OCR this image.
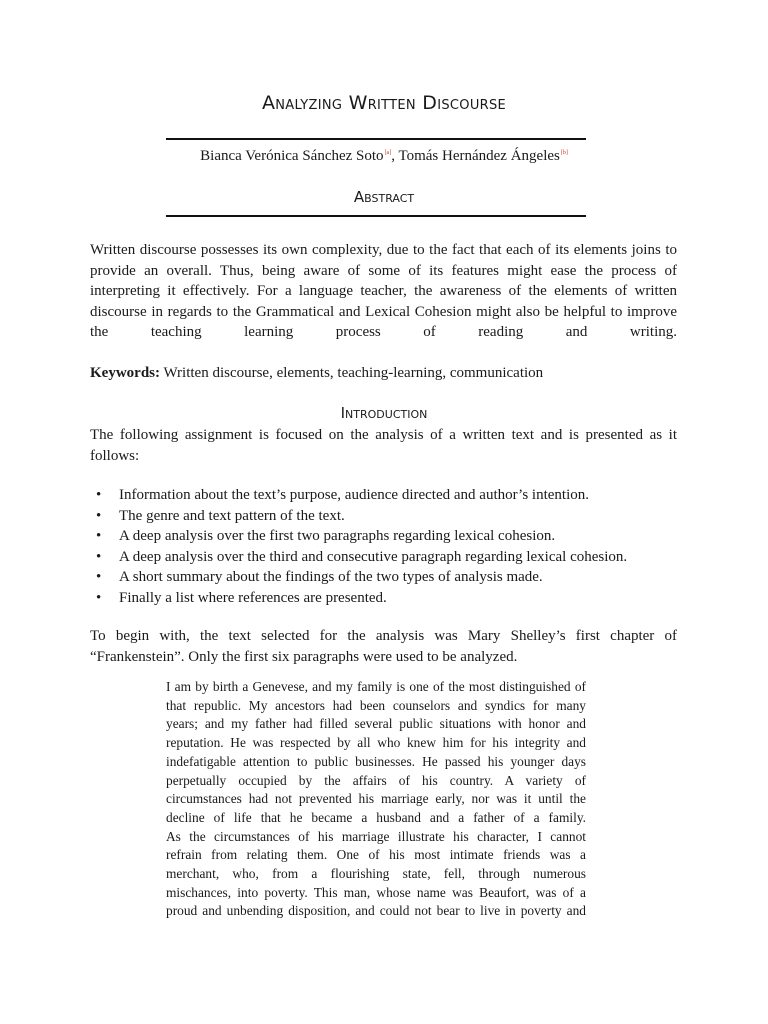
Analyzing Written Discourse
Bianca Verónica Sánchez Soto[a], Tomás Hernández Ángeles[b]
Abstract

Written discourse possesses its own complexity, due to the fact that each of its elements joins to provide an overall. Thus, being aware of some of its features might ease the process of interpreting it effectively. For a language teacher, the awareness of the elements of written discourse in regards to the Grammatical and Lexical Cohesion might also be helpful to improve the teaching learning process of reading and writing.

Keywords: Written discourse, elements, teaching-learning, communication

Introduction

The following assignment is focused on the analysis of a written text and is presented as it follows:

• Information about the text’s purpose, audience directed and author’s intention.
• The genre and text pattern of the text.
• A deep analysis over the first two paragraphs regarding lexical cohesion.
• A deep analysis over the third and consecutive paragraph regarding lexical cohesion.
• A short summary about the findings of the two types of analysis made.
• Finally a list where references are presented.

To begin with, the text selected for the analysis was Mary Shelley’s first chapter of “Frankenstein”. Only the first six paragraphs were used to be analyzed.

I am by birth a Genevese, and my family is one of the most distinguished of
that republic. My ancestors had been counselors and syndics for many
years; and my father had filled several public situations with honor and
reputation. He was respected by all who knew him for his integrity and
indefatigable attention to public businesses. He passed his younger days
perpetually occupied by the affairs of his country. A variety of
circumstances had not prevented his marriage early, nor was it until the
decline of life that he became a husband and a father of a family.
As the circumstances of his marriage illustrate his character, I cannot
refrain from relating them. One of his most intimate friends was a
merchant, who, from a flourishing state, fell, through numerous
mischances, into poverty. This man, whose name was Beaufort, was of a
proud and unbending disposition, and could not bear to live in poverty and
